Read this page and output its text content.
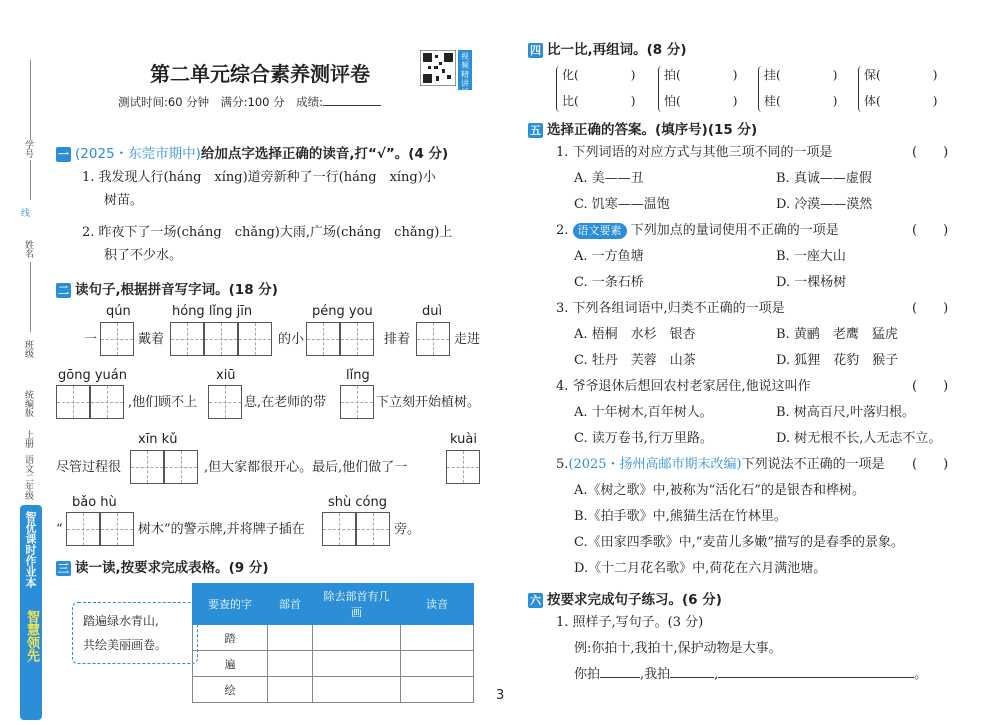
学号
线
姓名
班级
统编版
上册
语文二年级
智优课时作业本
智慧领先
第二单元综合素养测评卷
视频精讲析批改
测试时间:60 分钟　满分:100 分　成绩:
一 (2025・东莞市期中)给加点字选择正确的读音,打“√”。(4 分)
1. 我发现人行(háng　xíng)道旁新种了一行(háng　xíng)小
树苗。
2. 昨夜下了一场(cháng　chǎng)大雨,广场(cháng　chǎng)上
积了不少水。
二 读句子,根据拼音写字词。(18 分)
qún	hóng lǐng jīn	péng you	duì
一	戴着	的小	排着	走进
gōng yuán	xiū	lǐng
,他们顾不上	息,在老师的带	下立刻开始植树。
xīn kǔ	kuài
尽管过程很	,但大家都很开心。最后,他们做了一
bǎo hù	shù cóng
“	树木”的警示牌,并将牌子插在	旁。
三 读一读,按要求完成表格。(9 分)
踏遍绿水青山,
共绘美丽画卷。
要查的字	部首	除去部首有几画	读音
踏			
遍			
绘			
四 比一比,再组词。(8 分)
化(	)
比(	)
拍(	)
怕(	)
挂(	)
桂(	)
保(	)
体(	)
五 选择正确的答案。(填序号)(15 分)
1. 下列词语的对应方式与其他三项不同的一项是	(　　)
A. 美——丑	B. 真诚——虚假
C. 饥寒——温饱	D. 冷漠——漠然
2. 语文要素 下列加点的量词使用不正确的一项是	(　　)
A. 一方鱼塘	B. 一座大山
C. 一条石桥	D. 一棵杨树
3. 下列各组词语中,归类不正确的一项是	(　　)
A. 梧桐　水杉　银杏	B. 黄鹂　老鹰　猛虎
C. 牡丹　芙蓉　山茶	D. 狐狸　花豹　猴子
4. 爷爷退休后想回农村老家居住,他说这叫作	(　　)
A. 十年树木,百年树人。	B. 树高百尺,叶落归根。
C. 读万卷书,行万里路。	D. 树无根不长,人无志不立。
5.(2025・扬州高邮市期末改编)下列说法不正确的一项是 (　　)
A.《树之歌》中,被称为“活化石”的是银杏和桦树。
B.《拍手歌》中,熊猫生活在竹林里。
C.《田家四季歌》中,“麦苗儿多嫩”描写的是春季的景象。
D.《十二月花名歌》中,荷花在六月满池塘。
六 按要求完成句子练习。(6 分)
1. 照样子,写句子。(3 分)
例:你拍十,我拍十,保护动物是大事。
你拍	,我拍	,	。
3
